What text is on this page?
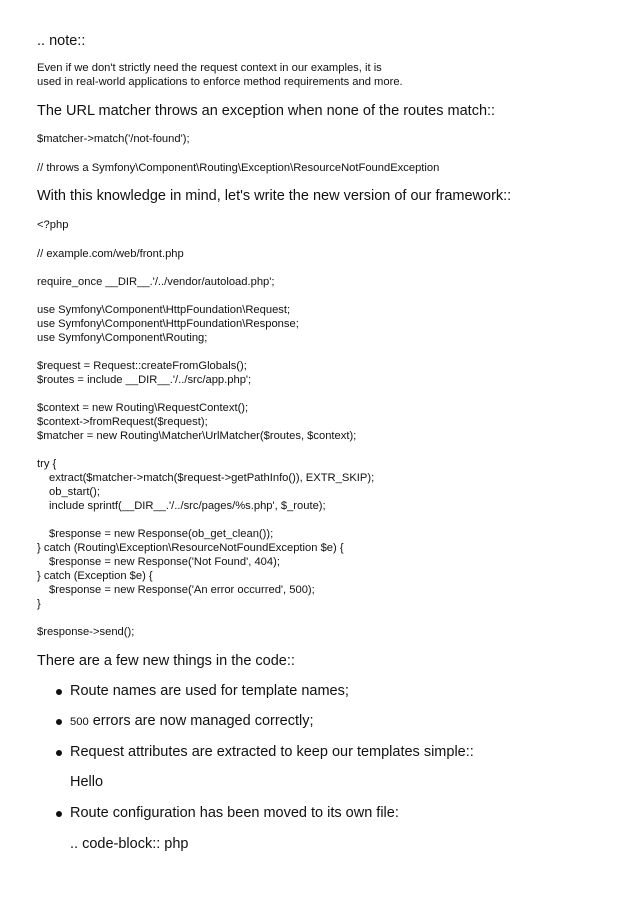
.. note::
Even if we don't strictly need the request context in our examples, it is
used in real-world applications to enforce method requirements and more.
The URL matcher throws an exception when none of the routes match::
$matcher->match('/not-found');
// throws a Symfony\Component\Routing\Exception\ResourceNotFoundException
With this knowledge in mind, let's write the new version of our framework::
<?php
// example.com/web/front.php
require_once __DIR__.'/../vendor/autoload.php';
use Symfony\Component\HttpFoundation\Request;
use Symfony\Component\HttpFoundation\Response;
use Symfony\Component\Routing;
$request = Request::createFromGlobals();
$routes = include __DIR__.'/../src/app.php';
$context = new Routing\RequestContext();
$context->fromRequest($request);
$matcher = new Routing\Matcher\UrlMatcher($routes, $context);
try {
extract($matcher->match($request->getPathInfo()), EXTR_SKIP);
ob_start();
include sprintf(__DIR__.'/../src/pages/%s.php', $_route);
$response = new Response(ob_get_clean());
} catch (Routing\Exception\ResourceNotFoundException $e) {
$response = new Response('Not Found', 404);
} catch (Exception $e) {
$response = new Response('An error occurred', 500);
}
$response->send();
There are a few new things in the code::
Route names are used for template names;
500 errors are now managed correctly;
Request attributes are extracted to keep our templates simple::
Route configuration has been moved to its own file:
Hello
.. code-block:: php
